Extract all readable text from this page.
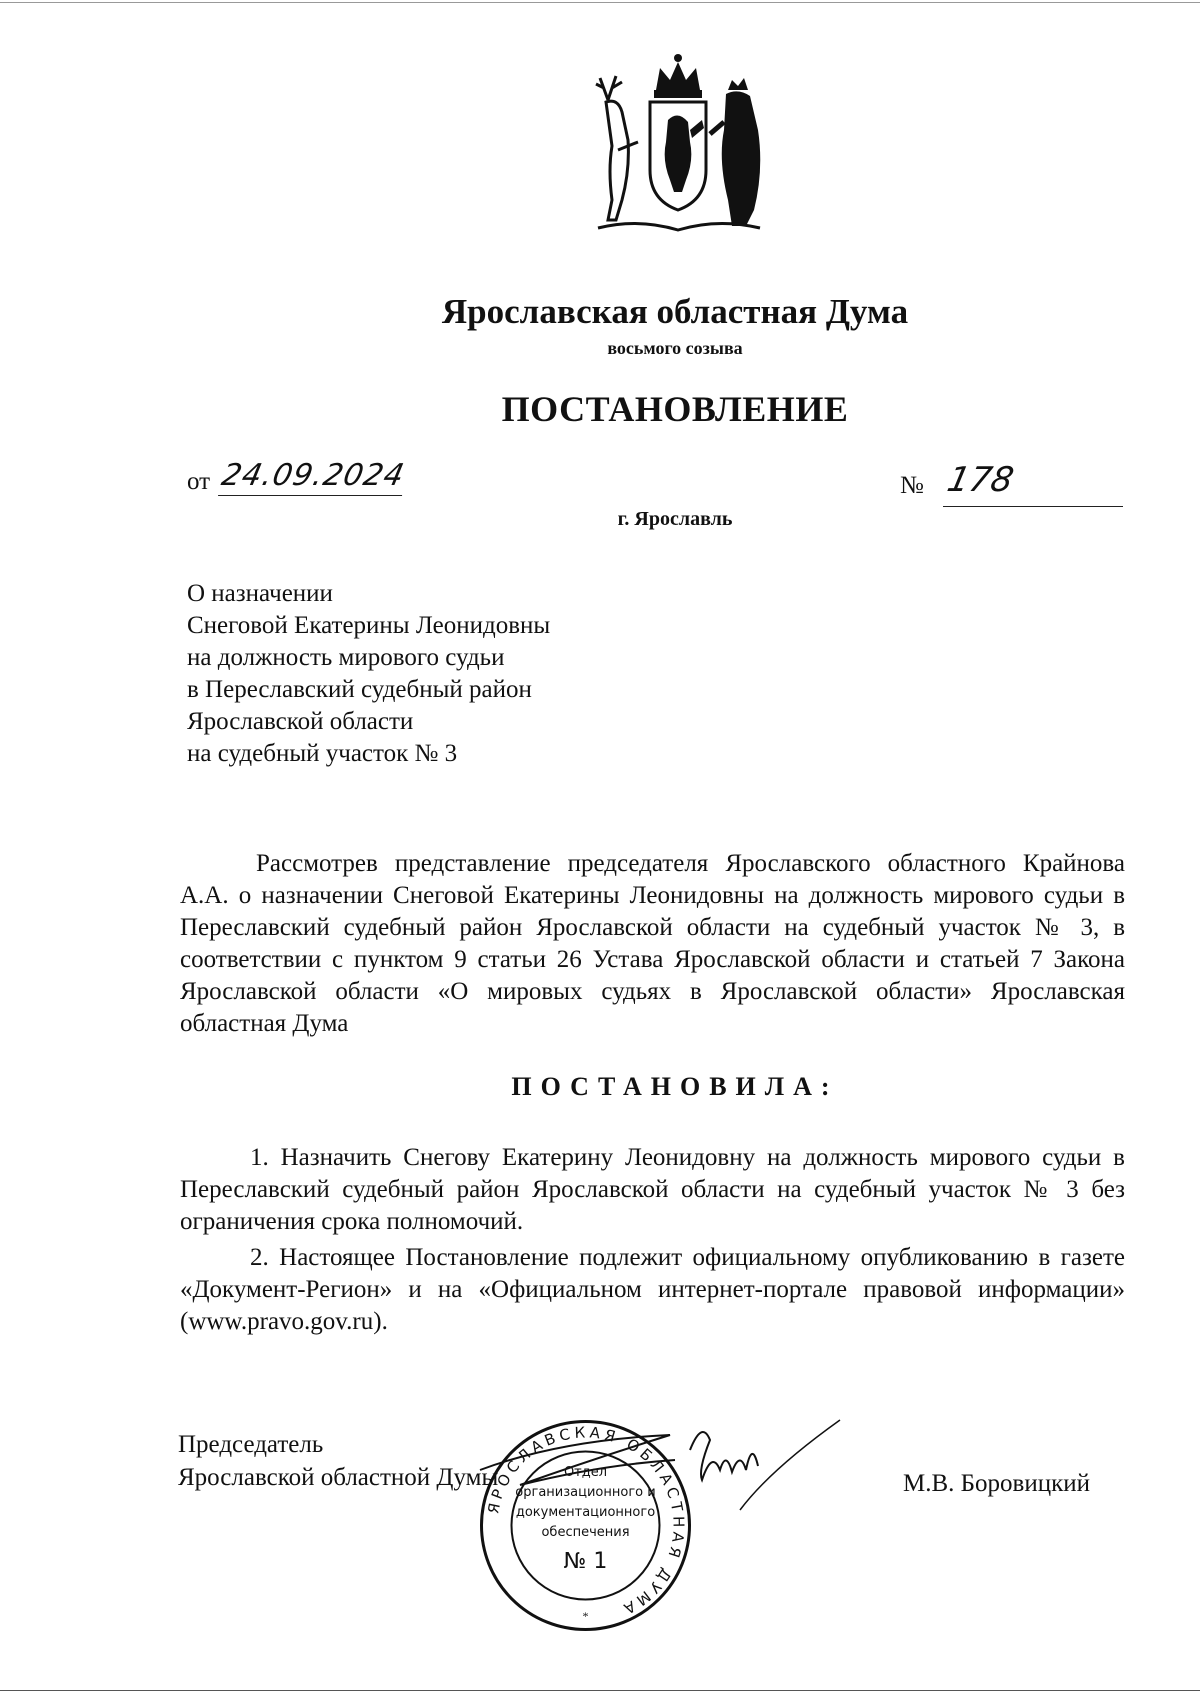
Ярославская областная Дума
восьмого созыва
ПОСТАНОВЛЕНИЕ
от 24.09.2024
г. Ярославль
№ 178
О назначении
Снеговой Екатерины Леонидовны
на должность мирового судьи
в Переславский судебный район
Ярославской области
на судебный участок № 3
Рассмотрев представление председателя Ярославского областного Крайнова А.А. о назначении Снеговой Екатерины Леонидовны на должность мирового судьи в Переславский судебный район Ярославской области на судебный участок № 3, в соответствии с пунктом 9 статьи 26 Устава Ярославской области и статьей 7 Закона Ярославской области «О мировых судьях в Ярославской области» Ярославская областная Дума
ПОСТАНОВИЛА:
1. Назначить Снегову Екатерину Леонидовну на должность мирового судьи в Переславский судебный район Ярославской области на судебный участок № 3 без ограничения срока полномочий.
2. Настоящее Постановление подлежит официальному опубликованию в газете «Документ-Регион» и на «Официальном интернет-портале правовой информации» (www.pravo.gov.ru).
Председатель
Ярославской областной Думы
ЯРОСЛАВСКАЯ ОБЛАСТНАЯ ДУМА
Отдел
организационного и
документационного
обеспечения
№ 1
*
М.В. Боровицкий
